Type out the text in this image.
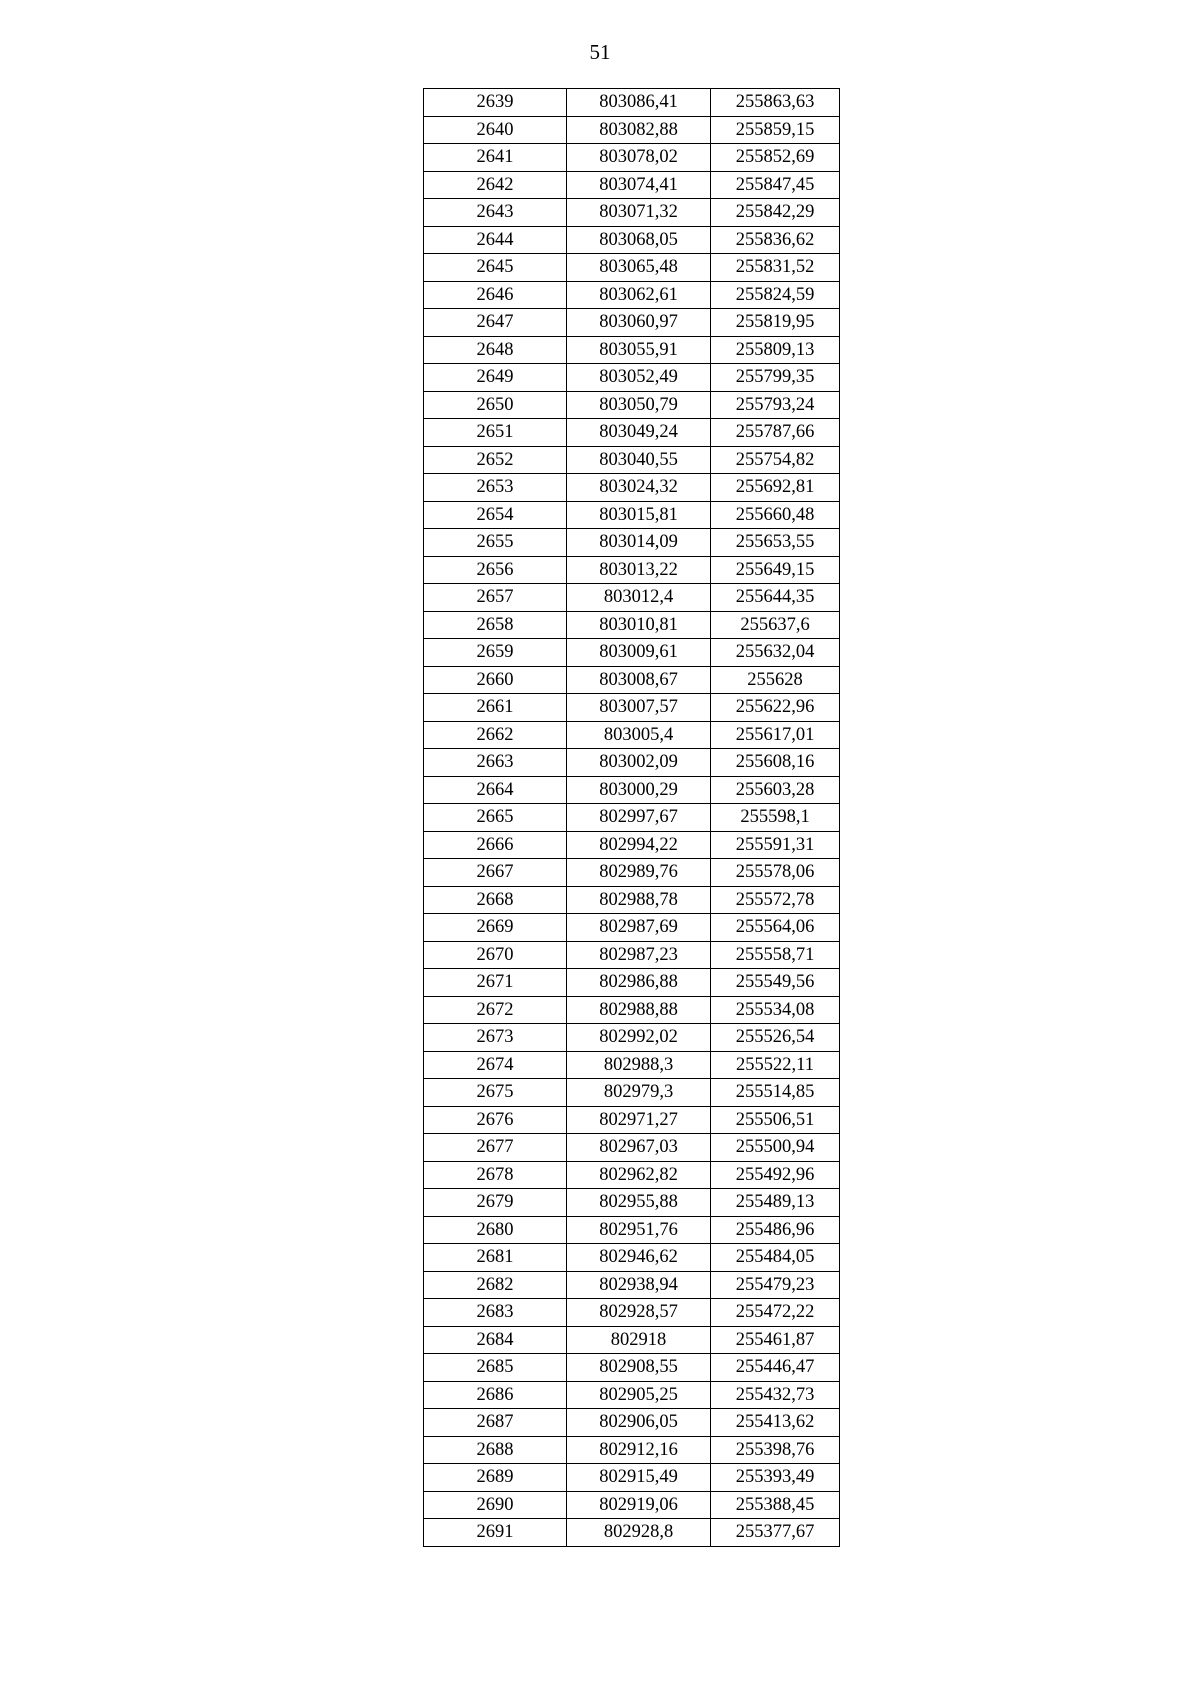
51
2639	803086,41	255863,63
2640	803082,88	255859,15
2641	803078,02	255852,69
2642	803074,41	255847,45
2643	803071,32	255842,29
2644	803068,05	255836,62
2645	803065,48	255831,52
2646	803062,61	255824,59
2647	803060,97	255819,95
2648	803055,91	255809,13
2649	803052,49	255799,35
2650	803050,79	255793,24
2651	803049,24	255787,66
2652	803040,55	255754,82
2653	803024,32	255692,81
2654	803015,81	255660,48
2655	803014,09	255653,55
2656	803013,22	255649,15
2657	803012,4	255644,35
2658	803010,81	255637,6
2659	803009,61	255632,04
2660	803008,67	255628
2661	803007,57	255622,96
2662	803005,4	255617,01
2663	803002,09	255608,16
2664	803000,29	255603,28
2665	802997,67	255598,1
2666	802994,22	255591,31
2667	802989,76	255578,06
2668	802988,78	255572,78
2669	802987,69	255564,06
2670	802987,23	255558,71
2671	802986,88	255549,56
2672	802988,88	255534,08
2673	802992,02	255526,54
2674	802988,3	255522,11
2675	802979,3	255514,85
2676	802971,27	255506,51
2677	802967,03	255500,94
2678	802962,82	255492,96
2679	802955,88	255489,13
2680	802951,76	255486,96
2681	802946,62	255484,05
2682	802938,94	255479,23
2683	802928,57	255472,22
2684	802918	255461,87
2685	802908,55	255446,47
2686	802905,25	255432,73
2687	802906,05	255413,62
2688	802912,16	255398,76
2689	802915,49	255393,49
2690	802919,06	255388,45
2691	802928,8	255377,67
